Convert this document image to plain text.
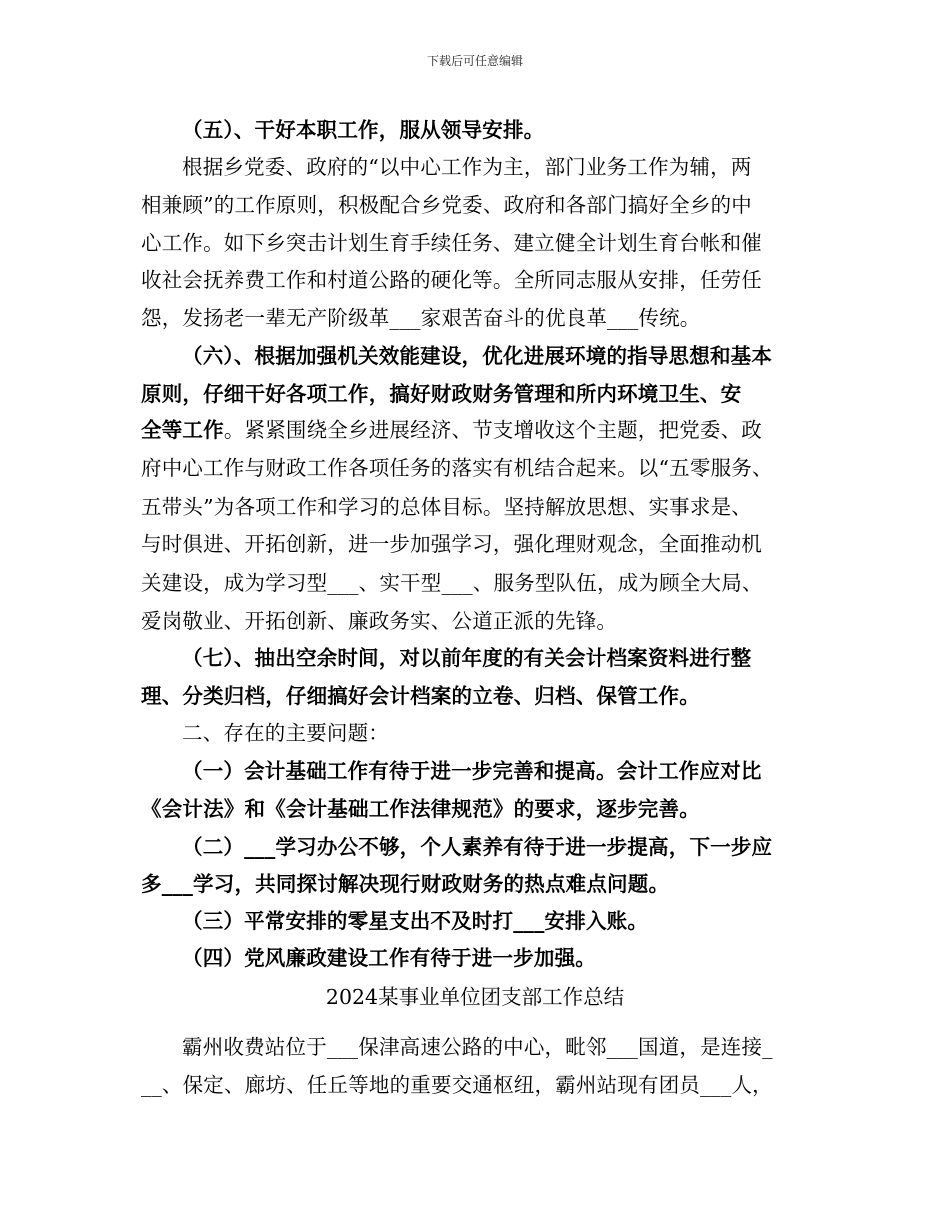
下载后可任意编辑
（五）、干好本职工作，服从领导安排。
根据乡党委、政府的“以中心工作为主，部门业务工作为辅，两
相兼顾”的工作原则，积极配合乡党委、政府和各部门搞好全乡的中
心工作。如下乡突击计划生育手续任务、建立健全计划生育台帐和催
收社会抚养费工作和村道公路的硬化等。全所同志服从安排，任劳任
怨，发扬老一辈无产阶级革___家艰苦奋斗的优良革___传统。
（六）、根据加强机关效能建设，优化进展环境的指导思想和基本
原则，仔细干好各项工作，搞好财政财务管理和所内环境卫生、安
全等工作。紧紧围绕全乡进展经济、节支增收这个主题，把党委、政
府中心工作与财政工作各项任务的落实有机结合起来。以“五零服务、
五带头”为各项工作和学习的总体目标。坚持解放思想、实事求是、
与时俱进、开拓创新，进一步加强学习，强化理财观念，全面推动机
关建设，成为学习型___、实干型___、服务型队伍，成为顾全大局、
爱岗敬业、开拓创新、廉政务实、公道正派的先锋。
（七）、抽出空余时间，对以前年度的有关会计档案资料进行整
理、分类归档，仔细搞好会计档案的立卷、归档、保管工作。
二、存在的主要问题：
（一）会计基础工作有待于进一步完善和提高。会计工作应对比
《会计法》和《会计基础工作法律规范》的要求，逐步完善。
（二）___学习办公不够，个人素养有待于进一步提高，下一步应
多___学习，共同探讨解决现行财政财务的热点难点问题。
（三）平常安排的零星支出不及时打___安排入账。
（四）党风廉政建设工作有待于进一步加强。
2024某事业单位团支部工作总结
霸州收费站位于___保津高速公路的中心，毗邻___国道，是连接_
__、保定、廊坊、任丘等地的重要交通枢纽，霸州站现有团员___人，
